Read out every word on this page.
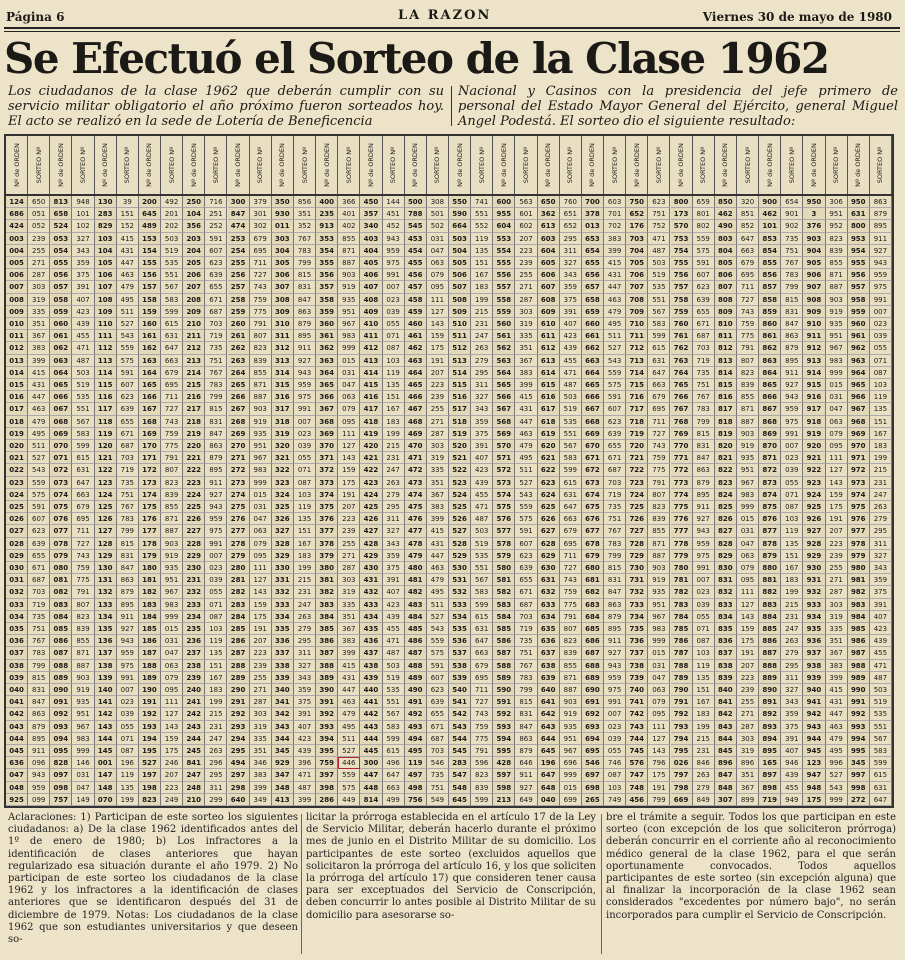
Página 6	LA RAZON	Viernes 30 de mayo de 1980
Se Efectuó el Sorteo de la Clase 1962
Los ciudadanos de la clase 1962 que deberán cumplir con su servicio militar obligatorio el año próximo fueron sorteados hoy. El acto se realizó en la sede de Lotería de Beneficencia
Nacional y Casinos con la presidencia del jefe primero de personal del Estado Mayor General del Ejército, general Miguel Angel Podestá. El sorteo dio el siguiente resultado:
Nº de ORDEN SORTEO Nº Nº de ORDEN SORTEO Nº Nº de ORDEN SORTEO Nº Nº de ORDEN SORTEO Nº Nº de ORDEN SORTEO Nº Nº de ORDEN SORTEO Nº Nº de ORDEN SORTEO Nº Nº de ORDEN SORTEO Nº Nº de ORDEN SORTEO Nº Nº de ORDEN SORTEO Nº Nº de ORDEN SORTEO Nº Nº de ORDEN SORTEO Nº Nº de ORDEN SORTEO Nº Nº de ORDEN SORTEO Nº Nº de ORDEN SORTEO Nº Nº de ORDEN SORTEO Nº Nº de ORDEN SORTEO Nº Nº de ORDEN SORTEO Nº Nº de ORDEN SORTEO Nº Nº de ORDEN SORTEO Nº
124	650	813	948	130	39	200	492	250	716	300	379	350	856	400	366	450	144	500	308	550	741	600	563	650	760	700	603	750	623	800	659	850	320	900	654	950	306	950	863
686	051	658	101	283	151	645	201	104	251	847	301	930	351	235	401	357	451	788	501	590	551	955	601	362	651	378	701	652	751	173	801	462	851	462	901	3	951	631	879
424	052	524	102	829	152	489	202	356	252	474	302	011	352	913	402	340	452	545	502	664	552	604	602	613	652	013	702	176	752	570	802	490	852	101	902	376	952	800	895
003	239	053	327	103	415	153	503	203	591	253	679	303	767	353	855	403	943	453	031	503	119	553	207	603	295	653	383	703	471	753	559	803	647	853	735	903	823	953	911
004	255	054	343	104	431	154	519	204	607	254	695	304	783	354	871	404	959	454	047	504	135	554	223	604	311	654	399	704	487	754	575	804	663	854	751	904	839	954	927
005	271	055	359	105	447	155	535	205	623	255	711	305	799	355	887	405	975	455	063	505	151	555	239	605	327	655	415	705	503	755	591	805	679	855	767	905	855	955	943
006	287	056	375	106	463	156	551	206	639	256	727	306	815	356	903	406	991	456	079	506	167	556	255	606	343	656	431	706	519	756	607	806	695	856	783	906	871	956	959
007	303	057	391	107	479	157	567	207	655	257	743	307	831	357	919	407	007	457	095	507	183	557	271	607	359	657	447	707	535	757	623	807	711	857	799	907	887	957	975
008	319	058	407	108	495	158	583	208	671	258	759	308	847	358	935	408	023	458	111	508	199	558	287	608	375	658	463	708	551	758	639	808	727	858	815	908	903	958	991
009	335	059	423	109	511	159	599	209	687	259	775	309	863	359	951	409	039	459	127	509	215	559	303	609	391	659	479	709	567	759	655	809	743	859	831	909	919	959	007
010	351	060	439	110	527	160	615	210	703	260	791	310	879	360	967	410	055	460	143	510	231	560	319	610	407	660	495	710	583	760	671	810	759	860	847	910	935	960	023
011	367	061	455	111	543	161	631	211	719	261	807	311	895	361	983	411	071	461	159	511	247	561	335	611	423	661	511	711	599	761	687	811	775	861	863	911	951	961	039
012	383	062	471	112	559	162	647	212	735	262	823	312	911	362	999	412	087	462	175	512	263	562	351	612	439	662	527	712	615	762	703	812	791	862	879	912	967	962	055
013	399	063	487	113	575	163	663	213	751	263	839	313	927	363	015	413	103	463	191	513	279	563	367	613	455	663	543	713	631	763	719	813	807	863	895	913	983	963	071
014	415	064	503	114	591	164	679	214	767	264	855	314	943	364	031	414	119	464	207	514	295	564	383	614	471	664	559	714	647	764	735	814	823	864	911	914	999	964	087
015	431	065	519	115	607	165	695	215	783	265	871	315	959	365	047	415	135	465	223	515	311	565	399	615	487	665	575	715	663	765	751	815	839	865	927	915	015	965	103
016	447	066	535	116	623	166	711	216	799	266	887	316	975	366	063	416	151	466	239	516	327	566	415	616	503	666	591	716	679	766	767	816	855	866	943	916	031	966	119
017	463	067	551	117	639	167	727	217	815	267	903	317	991	367	079	417	167	467	255	517	343	567	431	617	519	667	607	717	695	767	783	817	871	867	959	917	047	967	135
018	479	068	567	118	655	168	743	218	831	268	919	318	007	368	095	418	183	468	271	518	359	568	447	618	535	668	623	718	711	768	799	818	887	868	975	918	063	968	151
019	495	069	583	119	671	169	759	219	847	269	935	319	023	369	111	419	199	469	287	519	375	569	463	619	551	669	639	719	727	769	815	819	903	869	991	919	079	969	167
020	511	070	599	120	687	170	775	220	863	270	951	320	039	370	127	420	215	470	303	520	391	570	479	620	567	670	655	720	743	770	831	820	919	870	007	920	095	970	183
021	527	071	615	121	703	171	791	221	879	271	967	321	055	371	143	421	231	471	319	521	407	571	495	621	583	671	671	721	759	771	847	821	935	871	023	921	111	971	199
022	543	072	631	122	719	172	807	222	895	272	983	322	071	372	159	422	247	472	335	522	423	572	511	622	599	672	687	722	775	772	863	822	951	872	039	922	127	972	215
023	559	073	647	123	735	173	823	223	911	273	999	323	087	373	175	423	263	473	351	523	439	573	527	623	615	673	703	723	791	773	879	823	967	873	055	923	143	973	231
024	575	074	663	124	751	174	839	224	927	274	015	324	103	374	191	424	279	474	367	524	455	574	543	624	631	674	719	724	807	774	895	824	983	874	071	924	159	974	247
025	591	075	679	125	767	175	855	225	943	275	031	325	119	375	207	425	295	475	383	525	471	575	559	625	647	675	735	725	823	775	911	825	999	875	087	925	175	975	263
026	607	076	695	126	783	176	871	226	959	276	047	326	135	376	223	426	311	476	399	526	487	576	575	626	663	676	751	726	839	776	927	826	015	876	103	926	191	976	279
027	623	077	711	127	799	177	887	227	975	277	063	327	151	377	239	427	327	477	415	527	503	577	591	627	679	677	767	727	855	777	943	827	031	877	119	927	207	977	295
028	639	078	727	128	815	178	903	228	991	278	079	328	167	378	255	428	343	478	431	528	519	578	607	628	695	678	783	728	871	778	959	828	047	878	135	928	223	978	311
029	655	079	743	129	831	179	919	229	007	279	095	329	183	379	271	429	359	479	447	529	535	579	623	629	711	679	799	729	887	779	975	829	063	879	151	929	239	979	327
030	671	080	759	130	847	180	935	230	023	280	111	330	199	380	287	430	375	480	463	530	551	580	639	630	727	680	815	730	903	780	991	830	079	880	167	930	255	980	343
031	687	081	775	131	863	181	951	231	039	281	127	331	215	381	303	431	391	481	479	531	567	581	655	631	743	681	831	731	919	781	007	831	095	881	183	931	271	981	359
032	703	082	791	132	879	182	967	232	055	282	143	332	231	382	319	432	407	482	495	532	583	582	671	632	759	682	847	732	935	782	023	832	111	882	199	932	287	982	375
033	719	083	807	133	895	183	983	233	071	283	159	333	247	383	335	433	423	483	511	533	599	583	687	633	775	683	863	733	951	783	039	833	127	883	215	933	303	983	391
034	735	084	823	134	911	184	999	234	087	284	175	334	263	384	351	434	439	484	527	534	615	584	703	634	791	684	879	734	967	784	055	834	143	884	231	934	319	984	407
035	751	085	839	135	927	185	015	235	103	285	191	335	279	385	367	435	455	485	543	535	631	585	719	635	807	685	895	735	983	785	071	835	159	885	247	935	335	985	423
036	767	086	855	136	943	186	031	236	119	286	207	336	295	386	383	436	471	486	559	536	647	586	735	636	823	686	911	736	999	786	087	836	175	886	263	936	351	986	439
037	783	087	871	137	959	187	047	237	135	287	223	337	311	387	399	437	487	487	575	537	663	587	751	637	839	687	927	737	015	787	103	837	191	887	279	937	367	987	455
038	799	088	887	138	975	188	063	238	151	288	239	338	327	388	415	438	503	488	591	538	679	588	767	638	855	688	943	738	031	788	119	838	207	888	295	938	383	988	471
039	815	089	903	139	991	189	079	239	167	289	255	339	343	389	431	439	519	489	607	539	695	589	783	639	871	689	959	739	047	789	135	839	223	889	311	939	399	989	487
040	831	090	919	140	007	190	095	240	183	290	271	340	359	390	447	440	535	490	623	540	711	590	799	640	887	690	975	740	063	790	151	840	239	890	327	940	415	990	503
041	847	091	935	141	023	191	111	241	199	291	287	341	375	391	463	441	551	491	639	541	727	591	815	641	903	691	991	741	079	791	167	841	255	891	343	941	431	991	519
042	863	092	951	142	039	192	127	242	215	292	303	342	391	392	479	442	567	492	655	542	743	592	831	642	919	692	007	742	095	792	183	842	271	892	359	942	447	992	535
043	879	093	967	143	055	193	143	243	231	293	319	343	407	393	495	443	583	493	671	543	759	593	847	643	935	693	023	743	111	793	199	843	287	893	375	943	463	993	551
044	895	094	983	144	071	194	159	244	247	294	335	344	423	394	511	444	599	494	687	544	775	594	863	644	951	694	039	744	127	794	215	844	303	894	391	944	479	994	567
045	911	095	999	145	087	195	175	245	263	295	351	345	439	395	527	445	615	495	703	545	791	595	879	645	967	695	055	745	143	795	231	845	319	895	407	945	495	995	583
636	096	828	146	001	196	527	246	841	296	494	346	929	396	759	446	300	496	119	546	283	596	428	646	196	696	546	746	576	796	026	846	896	896	165	946	123	996	345	599
047	943	097	031	147	119	197	207	247	295	297	383	347	471	397	559	447	647	497	735	547	823	597	911	647	999	697	087	747	175	797	263	847	351	897	439	947	527	997	615
048	959	098	047	148	135	198	223	248	311	298	399	348	487	398	575	448	663	498	751	548	839	598	927	648	015	698	103	748	191	798	279	848	367	898	455	948	543	998	631
925	099	757	149	070	199	823	249	210	299	640	349	413	399	286	449	814	499	756	549	645	599	213	649	040	699	265	749	456	799	669	849	307	899	719	949	175	999	272	647
Aclaraciones: 1) Participan de este sorteo los siguientes ciudadanos: a) De la clase 1962 identificados antes del 1º de enero de 1980; b) Los infractores a la identificación de clases anteriores que hayan regularizado esa situación durante el año 1979. 2) No participan de este sorteo los ciudadanos de la clase 1962 y los infractores a la identificación de clases anteriores que se identificaron después del 31 de diciembre de 1979. Notas: Los ciudadanos de la clase 1962 que son estudiantes universitarios y que deseen so-
licitar la prórroga establecida en el artículo 17 de la Ley de Servicio Militar, deberán hacerlo durante el próximo mes de junio en el Distrito Militar de su domicilio. Los participantes de este sorteo (excluidos aquellos que solicitaron la prórroga del artículo 16, y los que soliciten la prórroga del artículo 17) que consideren tener causa para ser exceptuados del Servicio de Conscripción, deben concurrir lo antes posible al Distrito Militar de su domicilio para asesorarse so-
bre el trámite a seguir. Todos los que participan en este sorteo (con excepción de los que soliciteron prórroga) deberán concurrir en el corriente año al reconocimiento médico general de la clase 1962, para el que serán oportunamente convocados. Todos aquellos participantes de este sorteo (sin excepción alguna) que al finalizar la incorporación de la clase 1962 sean considerados "excedentes por número bajo", no serán incorporados para cumplir el Servicio de Conscripción.
